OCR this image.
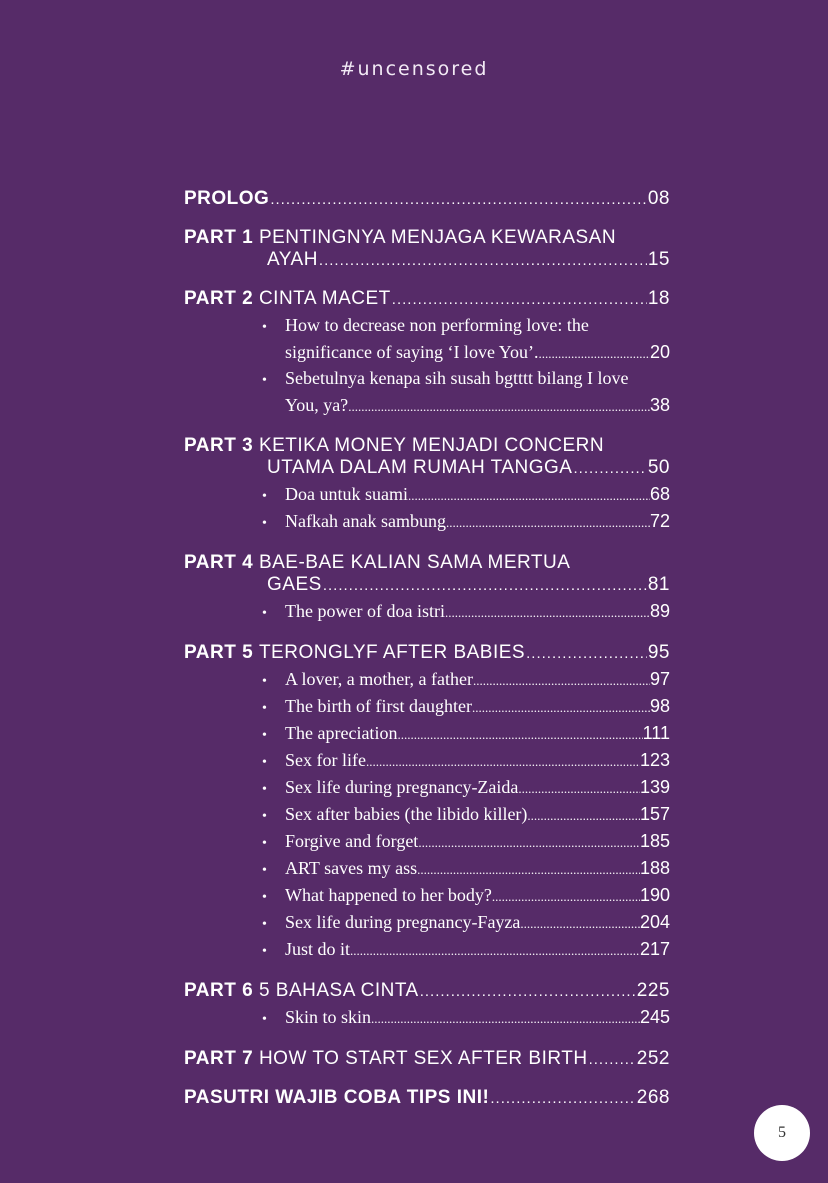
#uncensored
PROLOG .....	08
PART 1
PENTINGNYA MENJAGA KEWARASAN
AYAH .....	15
PART 2
CINTA MACET .....	18
•	How to decrease non performing love: the
significance of saying ‘I love You’. .....	20
•	Sebetulnya kenapa sih susah bgtttt bilang I love
You, ya? .....	38
PART 3
KETIKA MONEY MENJADI CONCERN
UTAMA DALAM RUMAH TANGGA .....	50
•	Doa untuk suami .....	68
•	Nafkah anak sambung .....	72
PART 4
BAE-BAE KALIAN SAMA MERTUA
GAES .....	81
•	The power of doa istri .....	89
PART 5
TERONGLYF AFTER BABIES .....	95
•	A lover, a mother, a father .....	97
•	The birth of first daughter .....	98
•	The apreciation .....	111
•	Sex for life .....	123
•	Sex life during pregnancy-Zaida .....	139
•	Sex after babies (the libido killer) .....	157
•	Forgive and forget .....	185
•	ART saves my ass .....	188
•	What happened to her body? .....	190
•	Sex life during pregnancy-Fayza .....	204
•	Just do it .....	217
PART 6
5 BAHASA CINTA .....	225
•	Skin to skin .....	245
PART 7
HOW TO START SEX AFTER BIRTH .....	252
PASUTRI WAJIB COBA TIPS INI! .....	268
5
